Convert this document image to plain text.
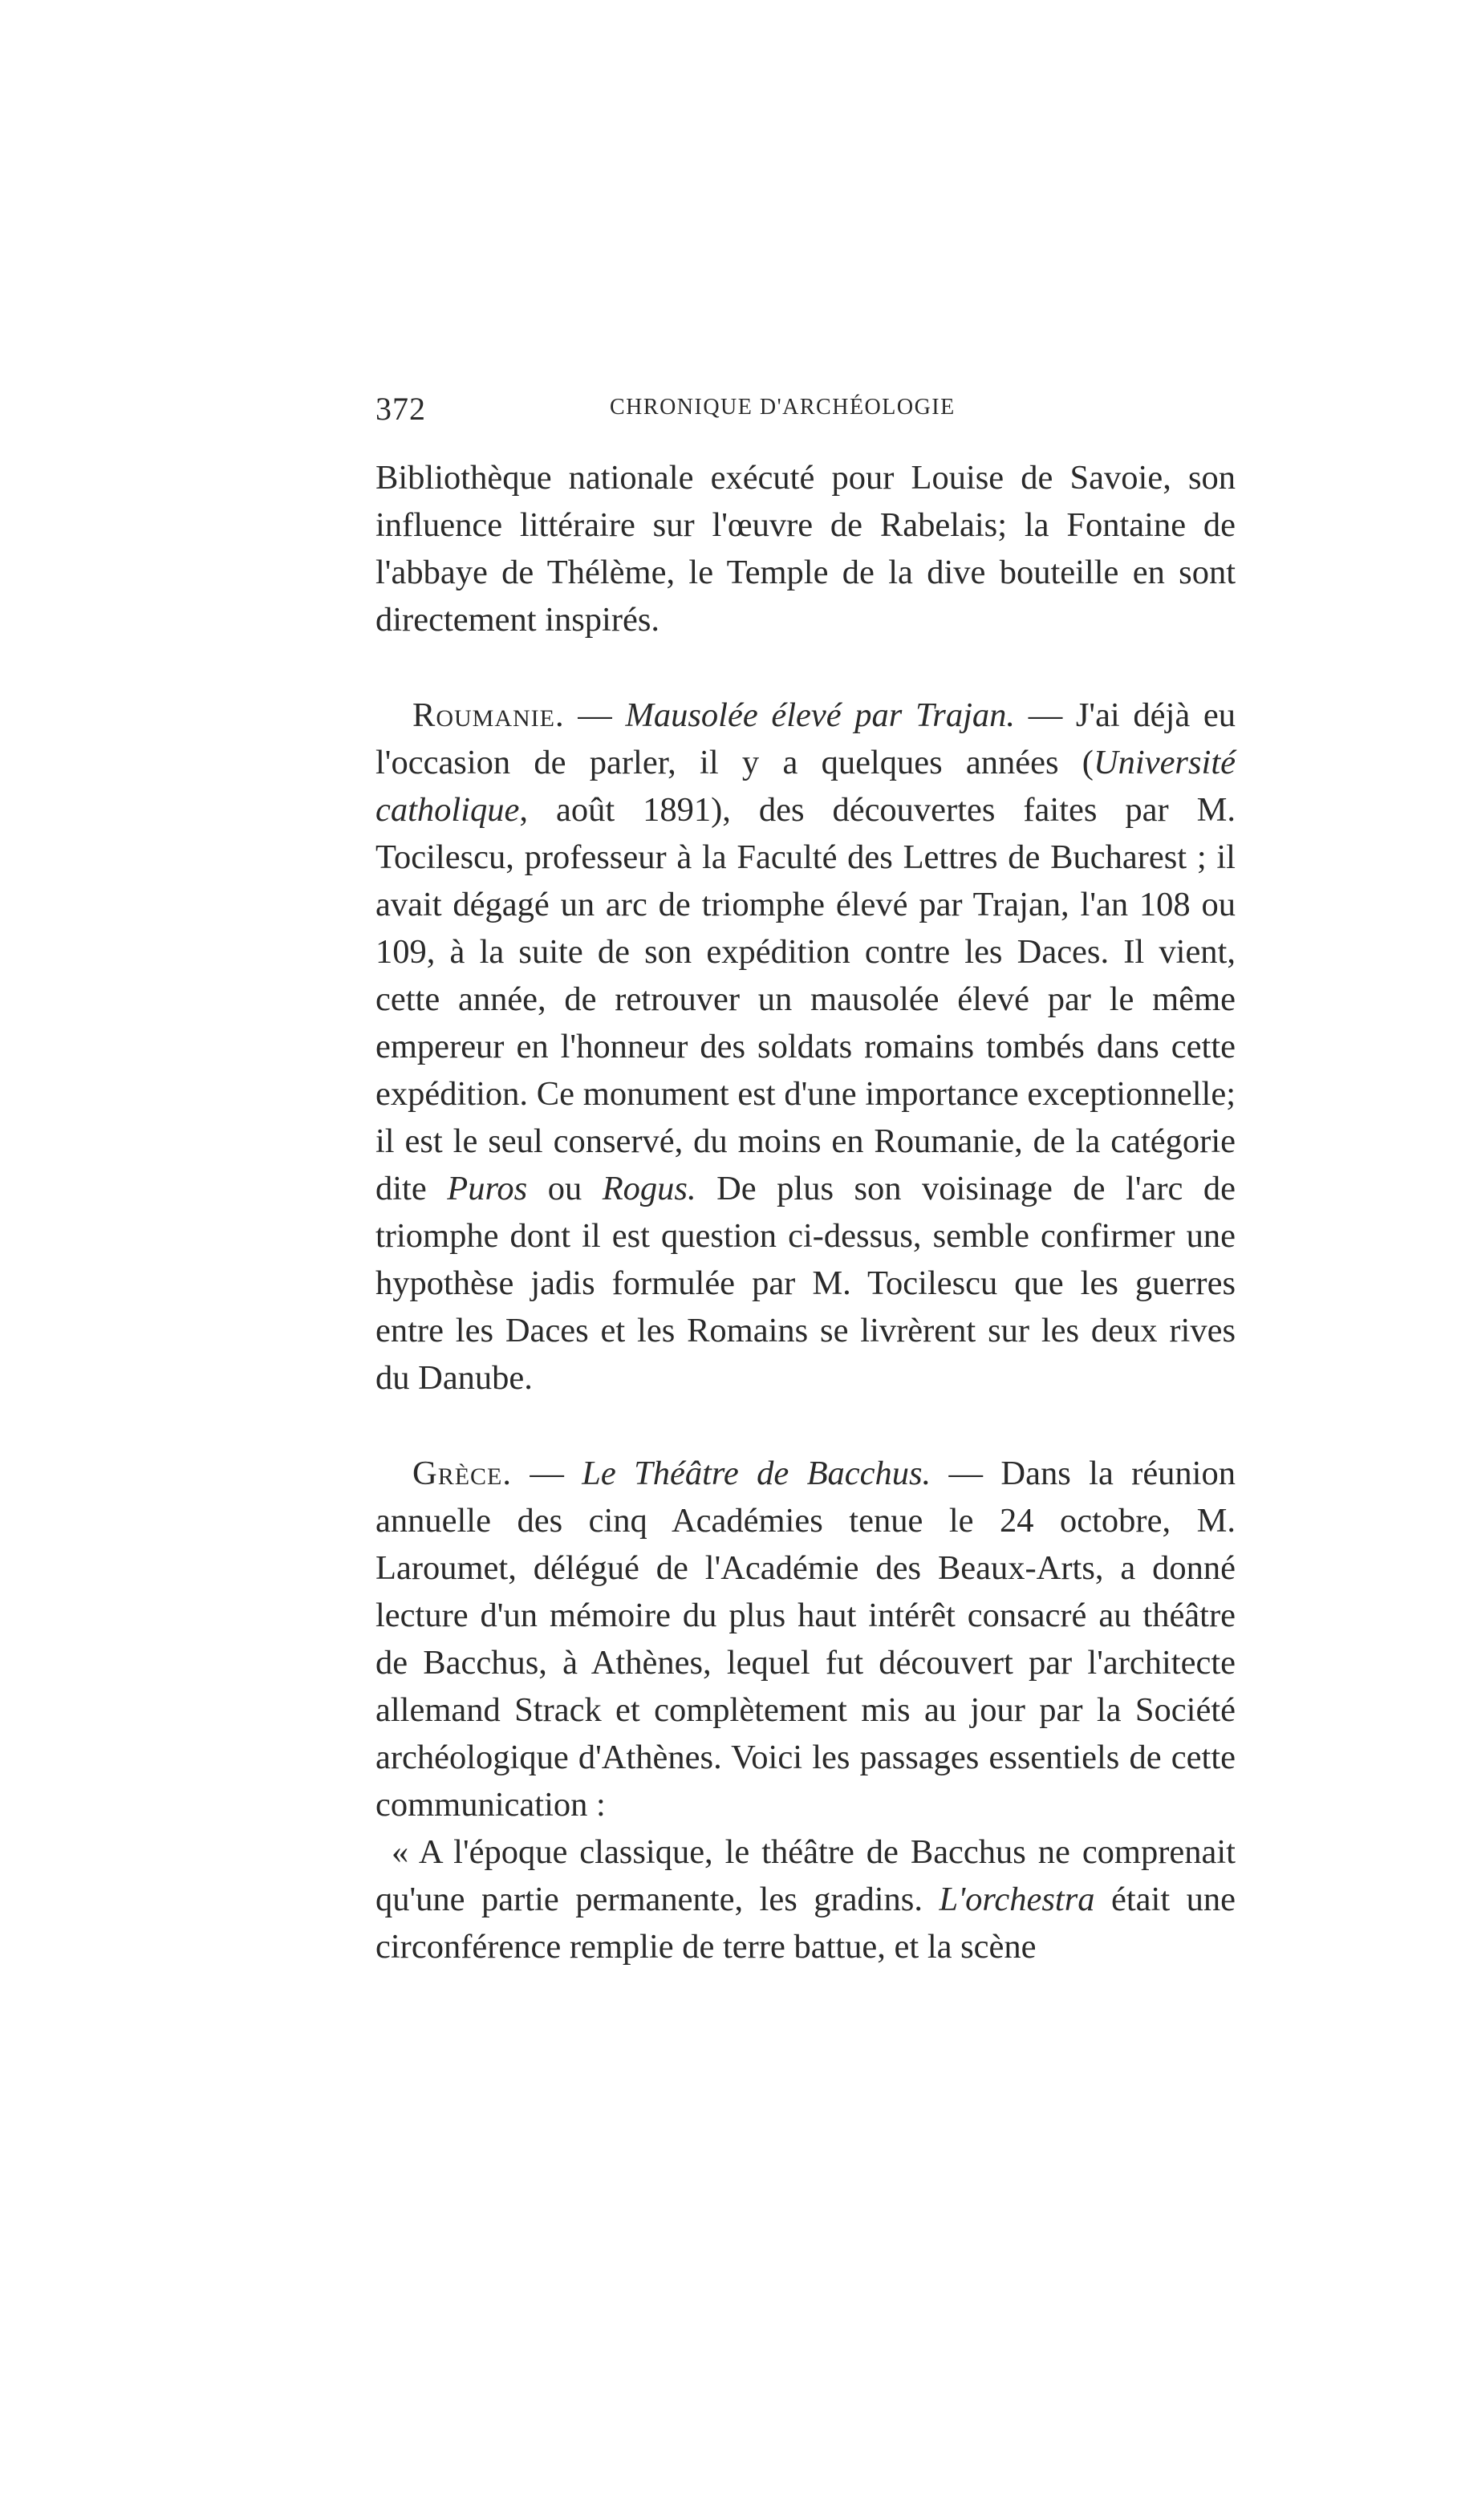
372	CHRONIQUE D'ARCHÉOLOGIE

Bibliothèque nationale exécuté pour Louise de Savoie, son influence littéraire sur l'œuvre de Rabelais; la Fontaine de l'abbaye de Thélème, le Temple de la dive bouteille en sont directement inspirés.

Roumanie. — Mausolée élevé par Trajan. — J'ai déjà eu l'occasion de parler, il y a quelques années (Université catholique, août 1891), des découvertes faites par M. Tocilescu, professeur à la Faculté des Lettres de Bucharest ; il avait dégagé un arc de triomphe élevé par Trajan, l'an 108 ou 109, à la suite de son expédition contre les Daces. Il vient, cette année, de retrouver un mausolée élevé par le même empereur en l'honneur des soldats romains tombés dans cette expédition. Ce monument est d'une importance exceptionnelle; il est le seul conservé, du moins en Roumanie, de la catégorie dite Puros ou Rogus. De plus son voisinage de l'arc de triomphe dont il est question ci-dessus, semble confirmer une hypothèse jadis formulée par M. Tocilescu que les guerres entre les Daces et les Romains se livrèrent sur les deux rives du Danube.

Grèce. — Le Théâtre de Bacchus. — Dans la réunion annuelle des cinq Académies tenue le 24 octobre, M. Laroumet, délégué de l'Académie des Beaux-Arts, a donné lecture d'un mémoire du plus haut intérêt consacré au théâtre de Bacchus, à Athènes, lequel fut découvert par l'architecte allemand Strack et complètement mis au jour par la Société archéologique d'Athènes. Voici les passages essentiels de cette communication :

« A l'époque classique, le théâtre de Bacchus ne comprenait qu'une partie permanente, les gradins. L'orchestra était une circonférence remplie de terre battue, et la scène
